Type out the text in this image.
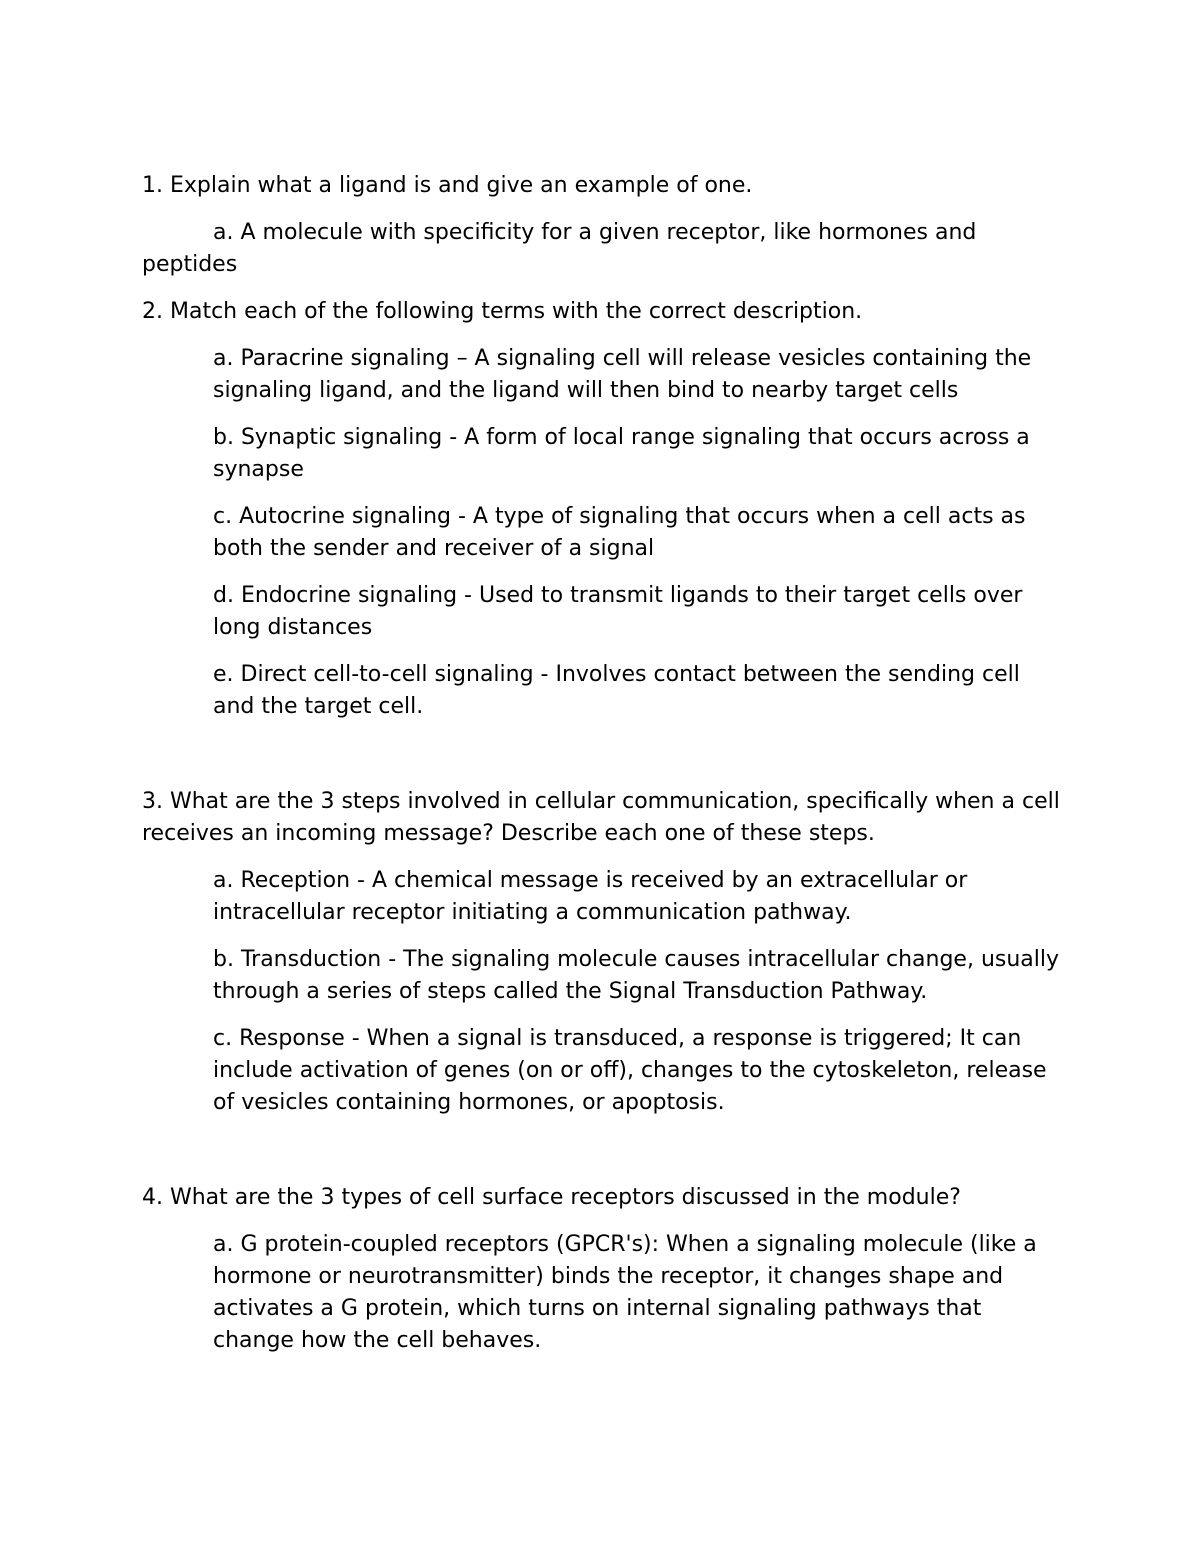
1. Explain what a ligand is and give an example of one.

a. A molecule with specificity for a given receptor, like hormones and peptides

2. Match each of the following terms with the correct description.

a. Paracrine signaling – A signaling cell will release vesicles containing the signaling ligand, and the ligand will then bind to nearby target cells

b. Synaptic signaling - A form of local range signaling that occurs across a synapse

c. Autocrine signaling - A type of signaling that occurs when a cell acts as both the sender and receiver of a signal

d. Endocrine signaling - Used to transmit ligands to their target cells over long distances

e. Direct cell-to-cell signaling - Involves contact between the sending cell and the target cell.

3. What are the 3 steps involved in cellular communication, specifically when a cell receives an incoming message? Describe each one of these steps.

a. Reception - A chemical message is received by an extracellular or intracellular receptor initiating a communication pathway.

b. Transduction - The signaling molecule causes intracellular change, usually through a series of steps called the Signal Transduction Pathway.

c. Response - When a signal is transduced, a response is triggered; It can include activation of genes (on or off), changes to the cytoskeleton, release of vesicles containing hormones, or apoptosis.

4. What are the 3 types of cell surface receptors discussed in the module?

a. G protein-coupled receptors (GPCR's): When a signaling molecule (like a hormone or neurotransmitter) binds the receptor, it changes shape and activates a G protein, which turns on internal signaling pathways that change how the cell behaves.
